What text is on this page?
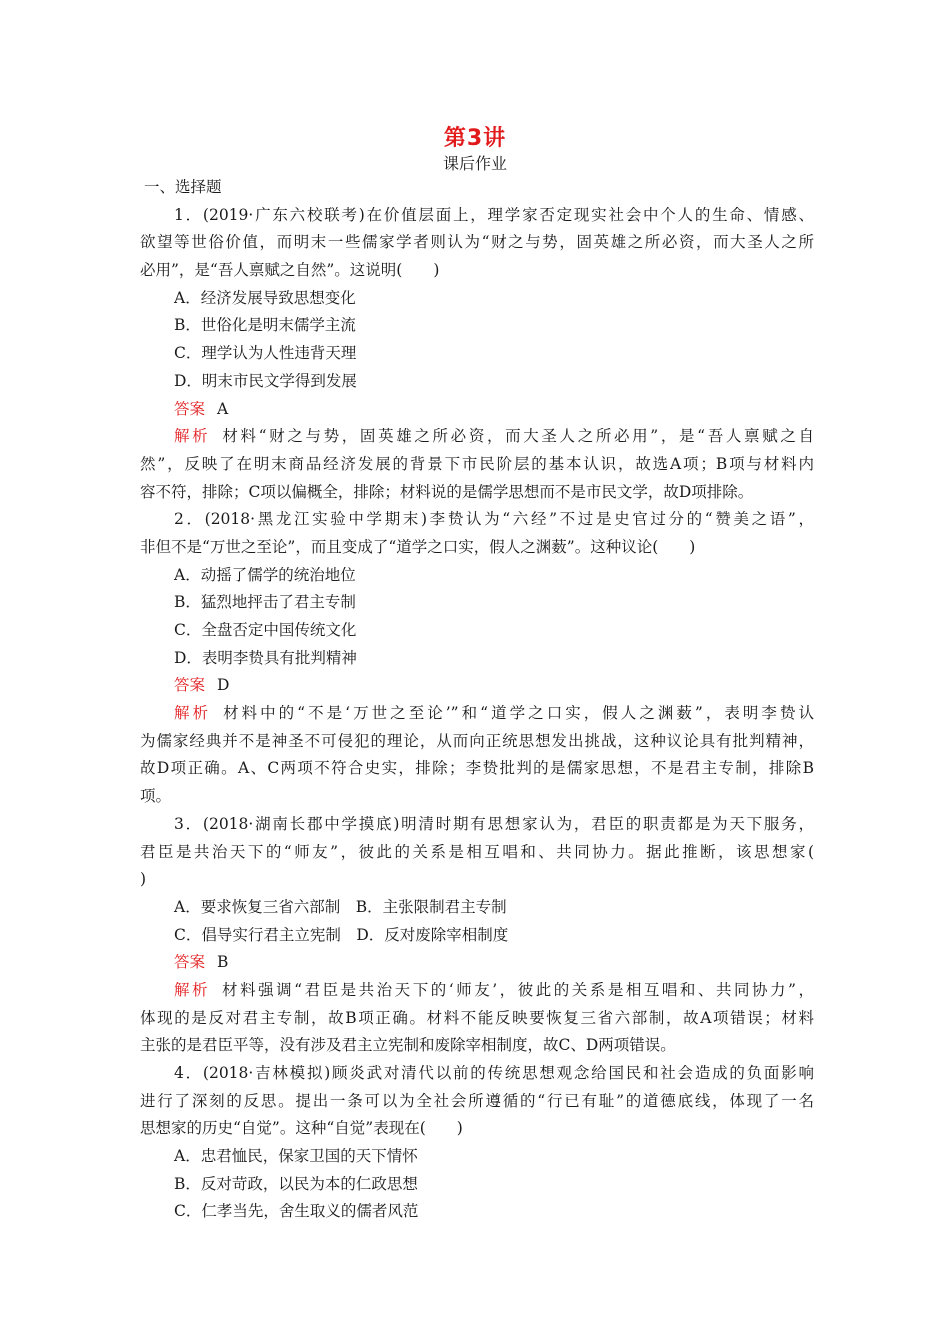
第3讲
课后作业
一、选择题
1．(2019·广东六校联考)在价值层面上，理学家否定现实社会中个人的生命、情感、
欲望等世俗价值，而明末一些儒家学者则认为“财之与势，固英雄之所必资，而大圣人之所
必用”，是“吾人禀赋之自然”。这说明(　　)
A．经济发展导致思想变化
B．世俗化是明末儒学主流
C．理学认为人性违背天理
D．明末市民文学得到发展
答案 A
解析 材料“财之与势，固英雄之所必资，而大圣人之所必用”，是“吾人禀赋之自
然”，反映了在明末商品经济发展的背景下市民阶层的基本认识，故选A项；B项与材料内
容不符，排除；C项以偏概全，排除；材料说的是儒学思想而不是市民文学，故D项排除。
2．(2018·黑龙江实验中学期末)李贽认为“六经”不过是史官过分的“赞美之语”，
非但不是“万世之至论”，而且变成了“道学之口实，假人之渊薮”。这种议论(　　)
A．动摇了儒学的统治地位
B．猛烈地抨击了君主专制
C．全盘否定中国传统文化
D．表明李贽具有批判精神
答案 D
解析 材料中的“不是‘万世之至论’”和“道学之口实，假人之渊薮”，表明李贽认
为儒家经典并不是神圣不可侵犯的理论，从而向正统思想发出挑战，这种议论具有批判精神，
故D项正确。A、C两项不符合史实，排除；李贽批判的是儒家思想，不是君主专制，排除B
项。
3．(2018·湖南长郡中学摸底)明清时期有思想家认为，君臣的职责都是为天下服务，
君臣是共治天下的“师友”，彼此的关系是相互唱和、共同协力。据此推断，该思想家(
)
A．要求恢复三省六部制　B．主张限制君主专制
C．倡导实行君主立宪制　D．反对废除宰相制度
答案 B
解析 材料强调“君臣是共治天下的‘师友’，彼此的关系是相互唱和、共同协力”，
体现的是反对君主专制，故B项正确。材料不能反映要恢复三省六部制，故A项错误；材料
主张的是君臣平等，没有涉及君主立宪制和废除宰相制度，故C、D两项错误。
4．(2018·吉林模拟)顾炎武对清代以前的传统思想观念给国民和社会造成的负面影响
进行了深刻的反思。提出一条可以为全社会所遵循的“行已有耻”的道德底线，体现了一名
思想家的历史“自觉”。这种“自觉”表现在(　　)
A．忠君恤民，保家卫国的天下情怀
B．反对苛政，以民为本的仁政思想
C．仁孝当先，舍生取义的儒者风范
